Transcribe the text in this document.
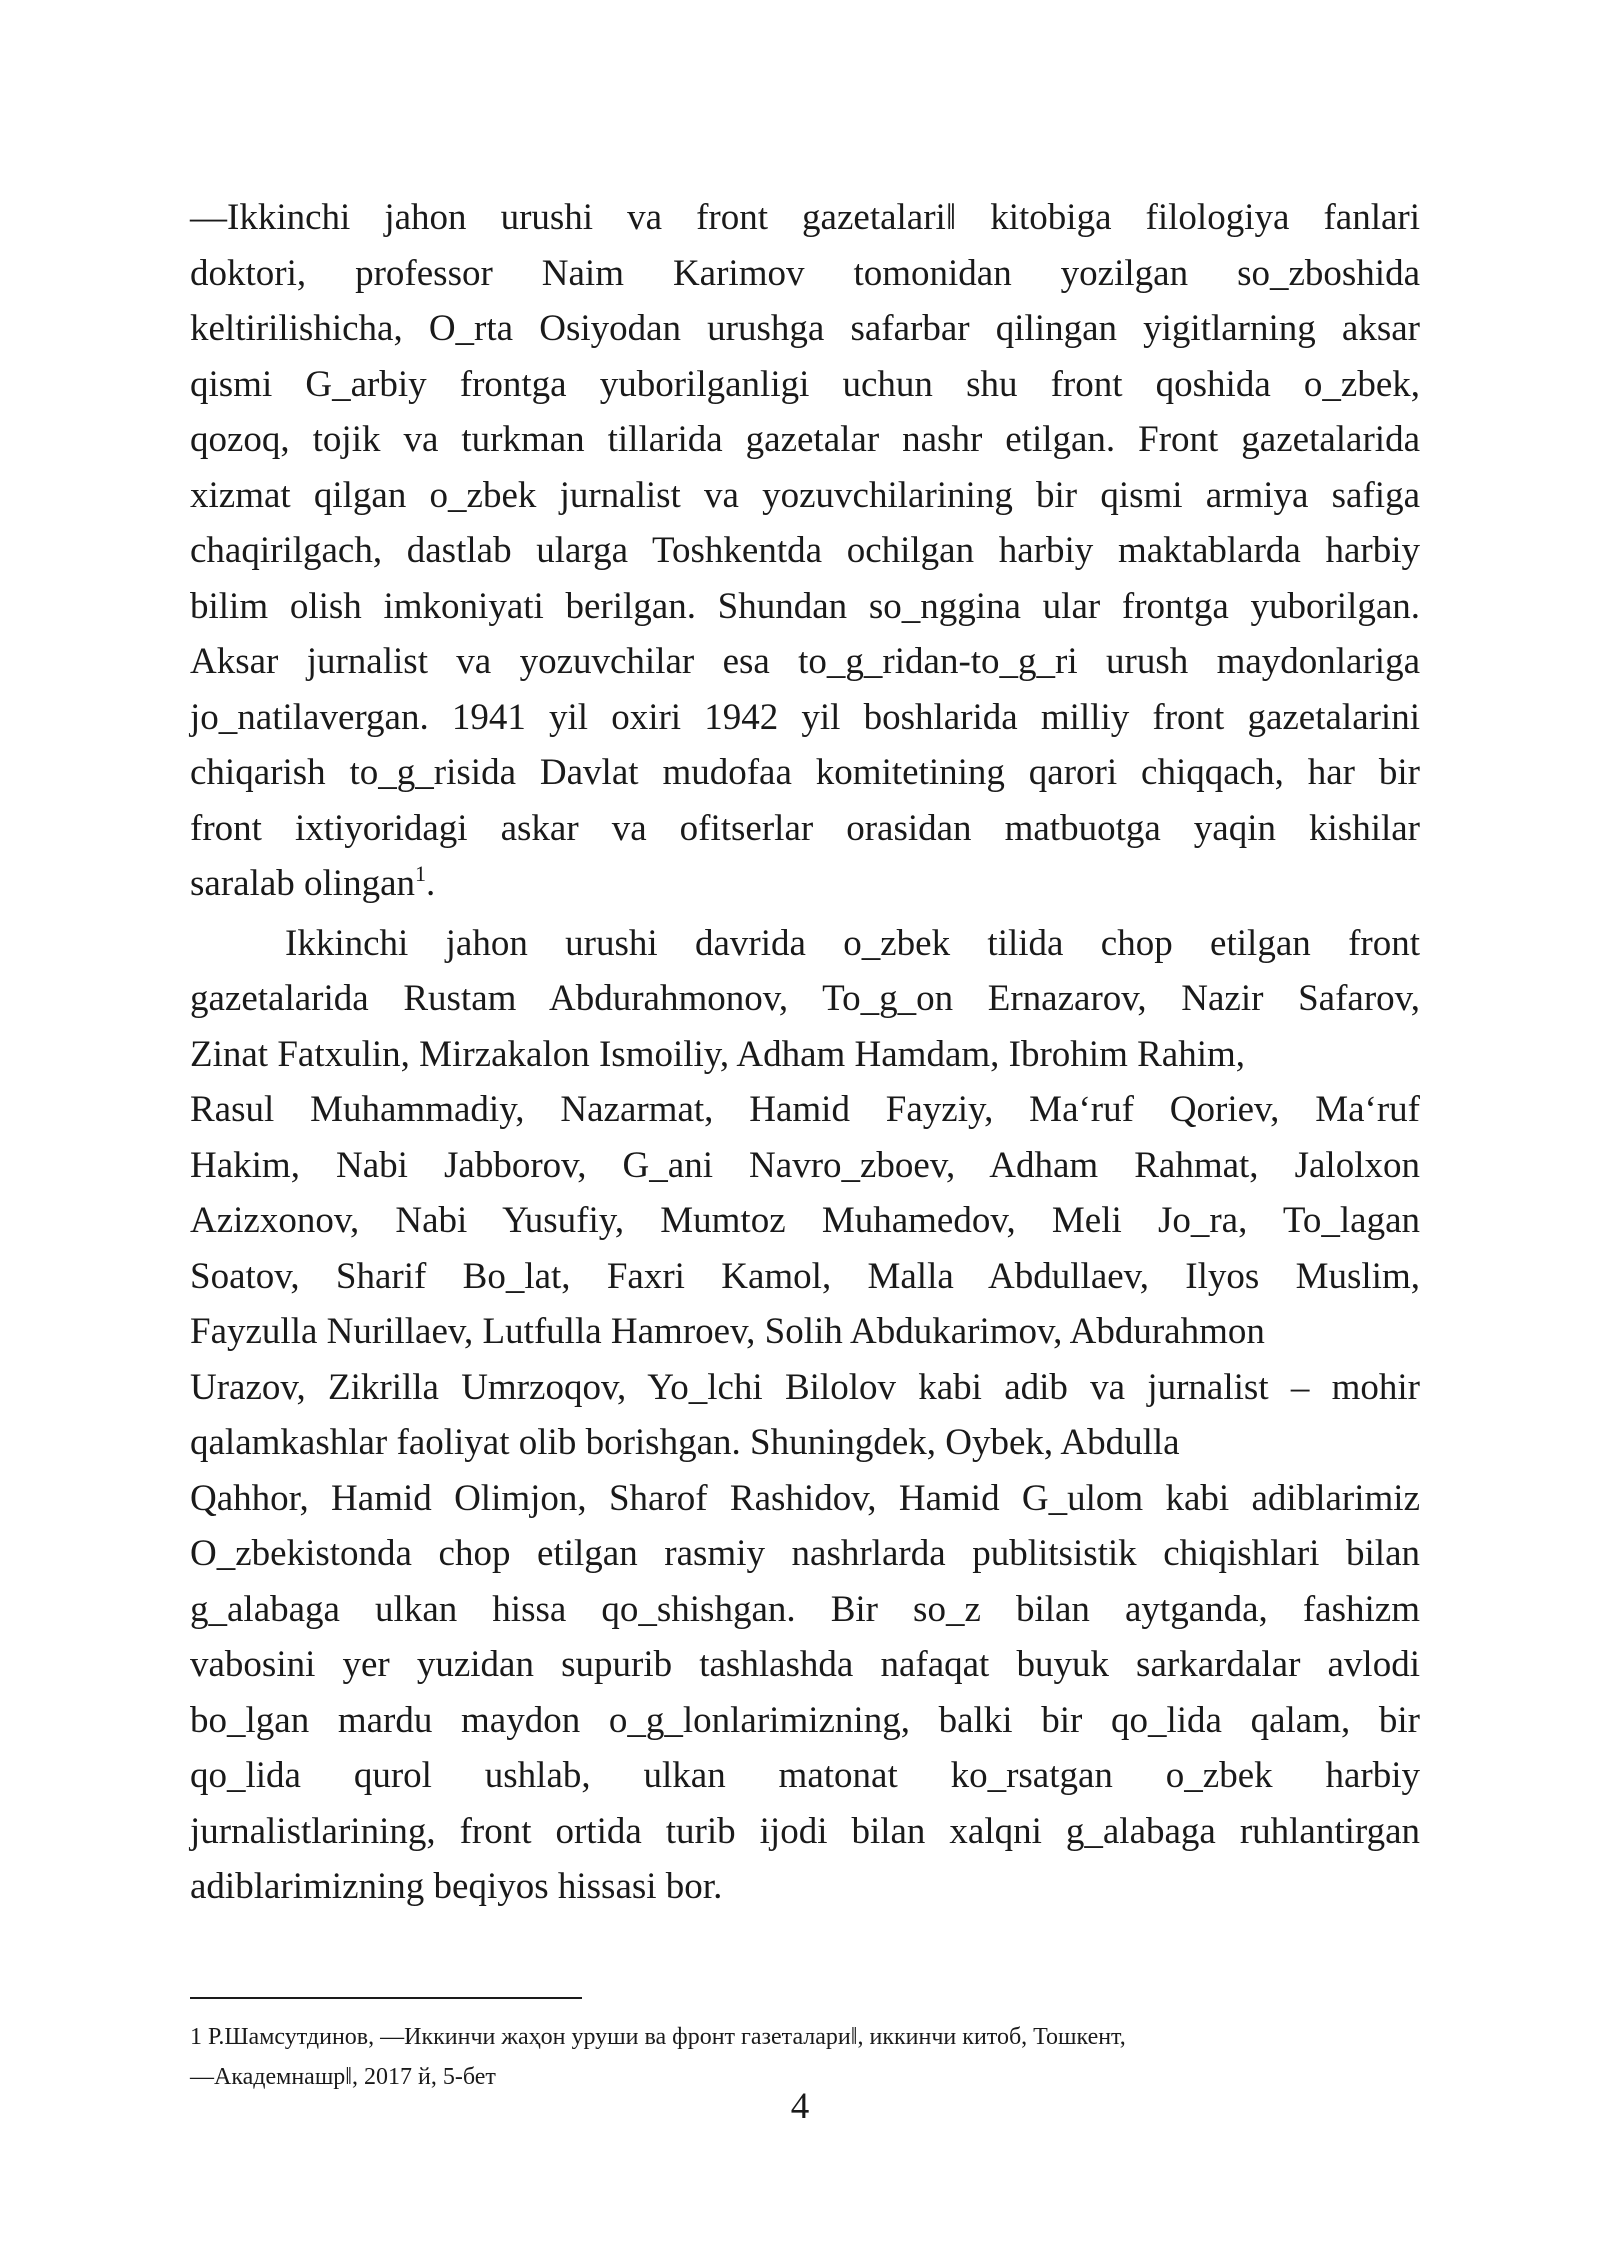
—Ikkinchi jahon urushi va front gazetalari‖ kitobiga filologiya fanlari
doktori, professor Naim Karimov tomonidan yozilgan so_zboshida
keltirilishicha, O_rta Osiyodan urushga safarbar qilingan yigitlarning aksar
qismi G_arbiy frontga yuborilganligi uchun shu front qoshida o_zbek,
qozoq, tojik va turkman tillarida gazetalar nashr etilgan. Front gazetalarida
xizmat qilgan o_zbek jurnalist va yozuvchilarining bir qismi armiya safiga
chaqirilgach, dastlab ularga Toshkentda ochilgan harbiy maktablarda harbiy
bilim olish imkoniyati berilgan. Shundan so_nggina ular frontga yuborilgan.
Aksar jurnalist va yozuvchilar esa to_g_ridan-to_g_ri urush maydonlariga
jo_natilavergan. 1941 yil oxiri 1942 yil boshlarida milliy front gazetalarini
chiqarish to_g_risida Davlat mudofaa komitetining qarori chiqqach, har bir
front ixtiyoridagi askar va ofitserlar orasidan matbuotga yaqin kishilar
saralab olingan$^1$.
Ikkinchi jahon urushi davrida o_zbek tilida chop etilgan front
gazetalarida Rustam Abdurahmonov, To_g_on Ernazarov, Nazir Safarov,
Zinat Fatxulin, Mirzakalon Ismoiliy, Adham Hamdam, Ibrohim Rahim,
Rasul Muhammadiy, Nazarmat, Hamid Fayziy, Ma‘ruf Qoriev, Ma‘ruf
Hakim, Nabi Jabborov, G_ani Navro_zboev, Adham Rahmat, Jalolxon
Azizxonov, Nabi Yusufiy, Mumtoz Muhamedov, Meli Jo_ra, To_lagan
Soatov, Sharif Bo_lat, Faxri Kamol, Malla Abdullaev, Ilyos Muslim,
Fayzulla Nurillaev, Lutfulla Hamroev, Solih Abdukarimov, Abdurahmon
Urazov, Zikrilla Umrzoqov, Yo_lchi Bilolov kabi adib va jurnalist – mohir
qalamkashlar faoliyat olib borishgan. Shuningdek, Oybek, Abdulla
Qahhor, Hamid Olimjon, Sharof Rashidov, Hamid G_ulom kabi adiblarimiz
O_zbekistonda chop etilgan rasmiy nashrlarda publitsistik chiqishlari bilan
g_alabaga ulkan hissa qo_shishgan. Bir so_z bilan aytganda, fashizm
vabosini yer yuzidan supurib tashlashda nafaqat buyuk sarkardalar avlodi
bo_lgan mardu maydon o_g_lonlarimizning, balki bir qo_lida qalam, bir
qo_lida qurol ushlab, ulkan matonat ko_rsatgan o_zbek harbiy
jurnalistlarining, front ortida turib ijodi bilan xalqni g_alabaga ruhlantirgan
adiblarimizning beqiyos hissasi bor.
1 Р.Шамсутдинов, —Иккинчи жаҳон уруши ва фронт газеталари‖, иккинчи китоб, Тошкент,
—Академнашр‖, 2017 й, 5-бет
4
